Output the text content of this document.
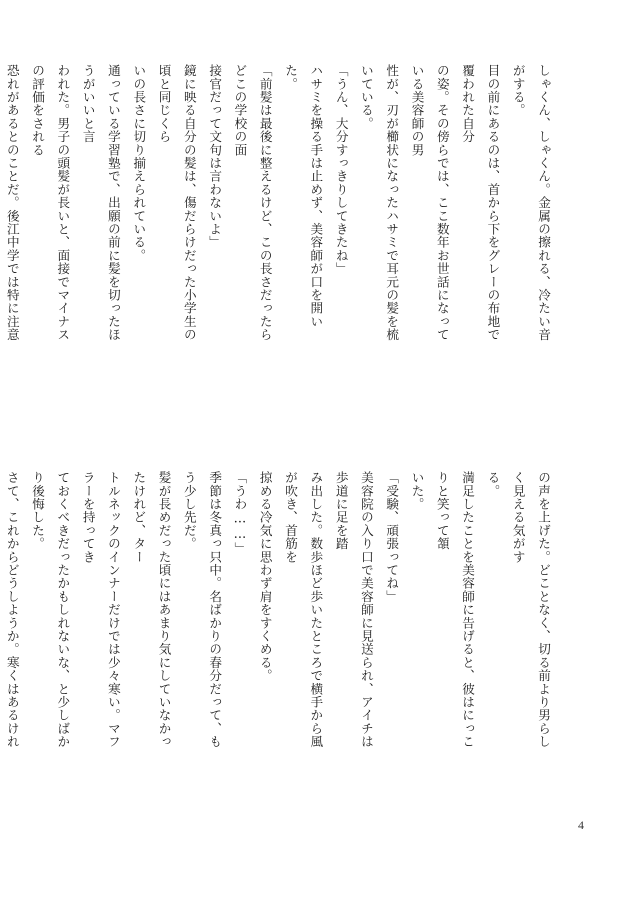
しゃくん、しゃくん。金属の擦れる、冷たい音がする。

目の前にあるのは、首から下をグレーの布地で覆われた自分

の姿。その傍らでは、ここ数年お世話になっている美容師の男

性が、刃が櫛状になったハサミで耳元の髪を梳いている。

「うん、大分すっきりしてきたね」

ハサミを操る手は止めず、美容師が口を開いた。

「前髪は最後に整えるけど、この長さだったらどこの学校の面

接官だって文句は言わないよ」

鏡に映る自分の髪は、傷だらけだった小学生の頃と同じくら

いの長さに切り揃えられている。

通っている学習塾で、出願の前に髪を切ったほうがいいと言

われた。男子の頭髪が長いと、面接でマイナスの評価をされる

恐れがあるとのことだ。後江中学では特に注意

の声を上げた。どことなく、切る前より男らしく見える気がす

る。

満足したことを美容師に告げると、彼はにっこりと笑って頷

いた。

「受験、頑張ってね」

美容院の入り口で美容師に見送られ、アイチは歩道に足を踏

み出した。数歩ほど歩いたところで横手から風が吹き、首筋を

掠める冷気に思わず肩をすくめる。

「うわ……」

季節は冬真っ只中。名ばかりの春分だって、もう少し先だ。

髪が長めだった頃にはあまり気にしていなかったけれど、ター

トルネックのインナーだけでは少々寒い。マフラーを持ってき

ておくべきだったかもしれないな、と少しばかり後悔した。

さて、これからどうしようか。寒くはあるけれ

4
